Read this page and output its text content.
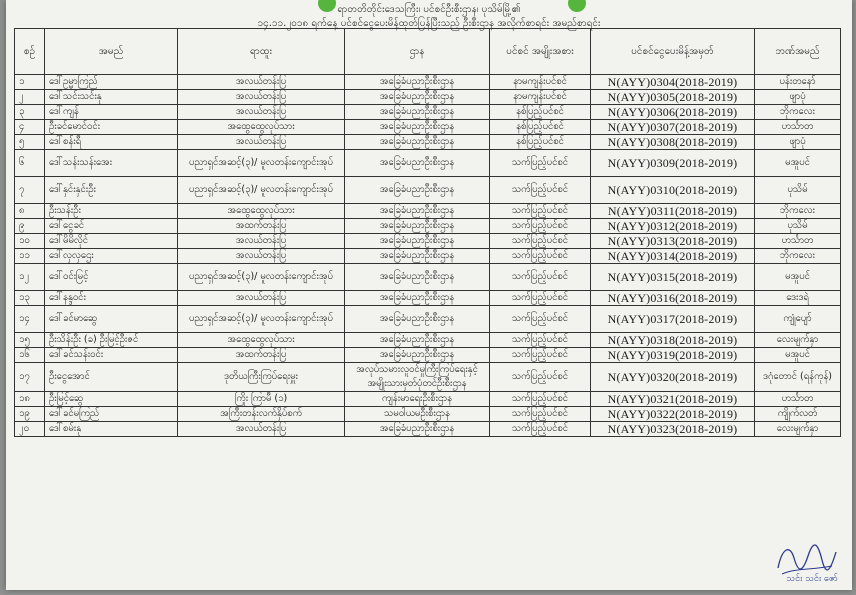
ရာတတိတိုင်းဒေသကြီး၊ ပင်စင်ဦးစီးဌာန၊ ပုသိမ်မြို့၏
၁၄.၁၁.၂၀၁၈ ရက်နေ့ ပင်စင်ငွေပေးမိန့်ထုတ်ပြန်ပြီးသည့် ဦးစီးဌာန အလိုက်စာရင်း အမည်စာရင်း
စဉ်	အမည်	ရာထူး	ဌာန	ပင်စင် အမျိုးအစား	ပင်စင်ငွေပေးမိန့်အမှတ်	ဘဏ်အမည်
၁	ဒေါ်ဥမ္မာကြည်	အလယ်တန်းပြ	အခြေခံပညာဦးစီးဌာန	နာမကျန်းပင်စင်	N(AYY)0304(2018-2019)	ပန်းတနော်
၂	ဒေါ်သင်းသင်းနု	အလယ်တန်းပြ	အခြေခံပညာဦးစီးဌာန	နာမကျန်းပင်စင်	N(AYY)0305(2018-2019)	ဖျာပုံ
၃	ဒေါ်ကျန်	အလယ်တန်းပြ	အခြေခံပညာဦးစီးဌာန	နစ်ပြည့်ပင်စင်	N(AYY)0306(2018-2019)	ဘိုကလေး
၄	ဦးခင်မောင်ဝင်း	အထွေထွေလုပ်သား	အခြေခံပညာဦးစီးဌာန	နစ်ပြည့်ပင်စင်	N(AYY)0307(2018-2019)	ဟင်္သာတ
၅	ဒေါ်စန်းရီ	အလယ်တန်းပြ	အခြေခံပညာဦးစီးဌာန	နစ်ပြည့်ပင်စင်	N(AYY)0308(2018-2019)	ဖျာပုံ
၆	ဒေါ်သန်းသန်းအေး	ပညာရှင်အဆင့်(၃)/ မူလတန်းကျောင်းအုပ်	အခြေခံပညာဦးစီးဌာန	သက်ပြည့်ပင်စင်	N(AYY)0309(2018-2019)	မအူပင်
၇	ဒေါ်နှင်းနှင်းဦး	ပညာရှင်အဆင့်(၃)/ မူလတန်းကျောင်းအုပ်	အခြေခံပညာဦးစီးဌာန	သက်ပြည့်ပင်စင်	N(AYY)0310(2018-2019)	ပုသိမ်
၈	ဦးသန်းဦး	အထွေထွေလုပ်သား	အခြေခံပညာဦးစီးဌာန	သက်ပြည့်ပင်စင်	N(AYY)0311(2018-2019)	ဘိုကလေး
၉	ဒေါ်ငွေခင်	အထက်တန်းပြ	အခြေခံပညာဦးစီးဌာန	သက်ပြည့်ပင်စင်	N(AYY)0312(2018-2019)	ပုသိမ်
၁၀	ဒေါ်မိမိလိုင်	အလယ်တန်းပြ	အခြေခံပညာဦးစီးဌာန	သက်ပြည့်ပင်စင်	N(AYY)0313(2018-2019)	ဟင်္သာတ
၁၁	ဒေါ်လှလှဌေး	အလယ်တန်းပြ	အခြေခံပညာဦးစီးဌာန	သက်ပြည့်ပင်စင်	N(AYY)0314(2018-2019)	ဘိုကလေး
၁၂	ဒေါ်ဝင်းမြင့်	ပညာရှင်အဆင့်(၃)/ မူလတန်းကျောင်းအုပ်	အခြေခံပညာဦးစီးဌာန	သက်ပြည့်ပင်စင်	N(AYY)0315(2018-2019)	မအူပင်
၁၃	ဒေါ်နန္ဒဝင်း	အလယ်တန်းပြ	အခြေခံပညာဦးစီးဌာန	သက်ပြည့်ပင်စင်	N(AYY)0316(2018-2019)	ဒေးဒရဲ
၁၄	ဒေါ်ခင်မာဆွေ	ပညာရှင်အဆင့်(၃)/ မူလတန်းကျောင်းအုပ်	အခြေခံပညာဦးစီးဌာန	သက်ပြည့်ပင်စင်	N(AYY)0317(2018-2019)	ကျုံပျော်
၁၅	ဦးသိန်းဦး (ခ) ဦးမြင့်ဦးဇင်	အထွေထွေလုပ်သား	အခြေခံပညာဦးစီးဌာန	သက်ပြည့်ပင်စင်	N(AYY)0318(2018-2019)	လေးမျက်နှာ
၁၆	ဒေါ်ခင်သန်းဝင်း	အထက်တန်းပြ	အခြေခံပညာဦးစီးဌာန	သက်ပြည့်ပင်စင်	N(AYY)0319(2018-2019)	မအူပင်
၁၇	ဦးငွေအောင်	ဒုတိယကြီးကြပ်ရေးမှူး	အလုပ်သမားလူဝင်မှုကြီးကြပ်ရေးနှင့် အမျိုးသားမှတ်ပုံတင်ဦးစီးဌာန	သက်ပြည့်ပင်စင်	N(AYY)0320(2018-2019)	ဒဂုံတောင် (ရန်ကုန်)
၁၈	ဦးမြင့်ဆွေ	ကြိုး ကြာမီ (၁)	ကျန်းမာရေးဦးစီးဌာန	သက်ပြည့်ပင်စင်	N(AYY)0321(2018-2019)	ဟင်္သာတ
၁၉	ဒေါ်ခင်မကြည်	အကြီးတန်းလက်နှိပ်စက်	သမဝါယမဦးစီးဌာန	သက်ပြည့်ပင်စင်	N(AYY)0322(2018-2019)	ကျိုက်လတ်
၂၀	ဒေါ်စမ်းနု	အလယ်တန်းပြ	အခြေခံပညာဦးစီးဌာန	သက်ပြည့်ပင်စင်	N(AYY)0323(2018-2019)	လေးမျက်နှာ
သင်း သင်း ဇော်
